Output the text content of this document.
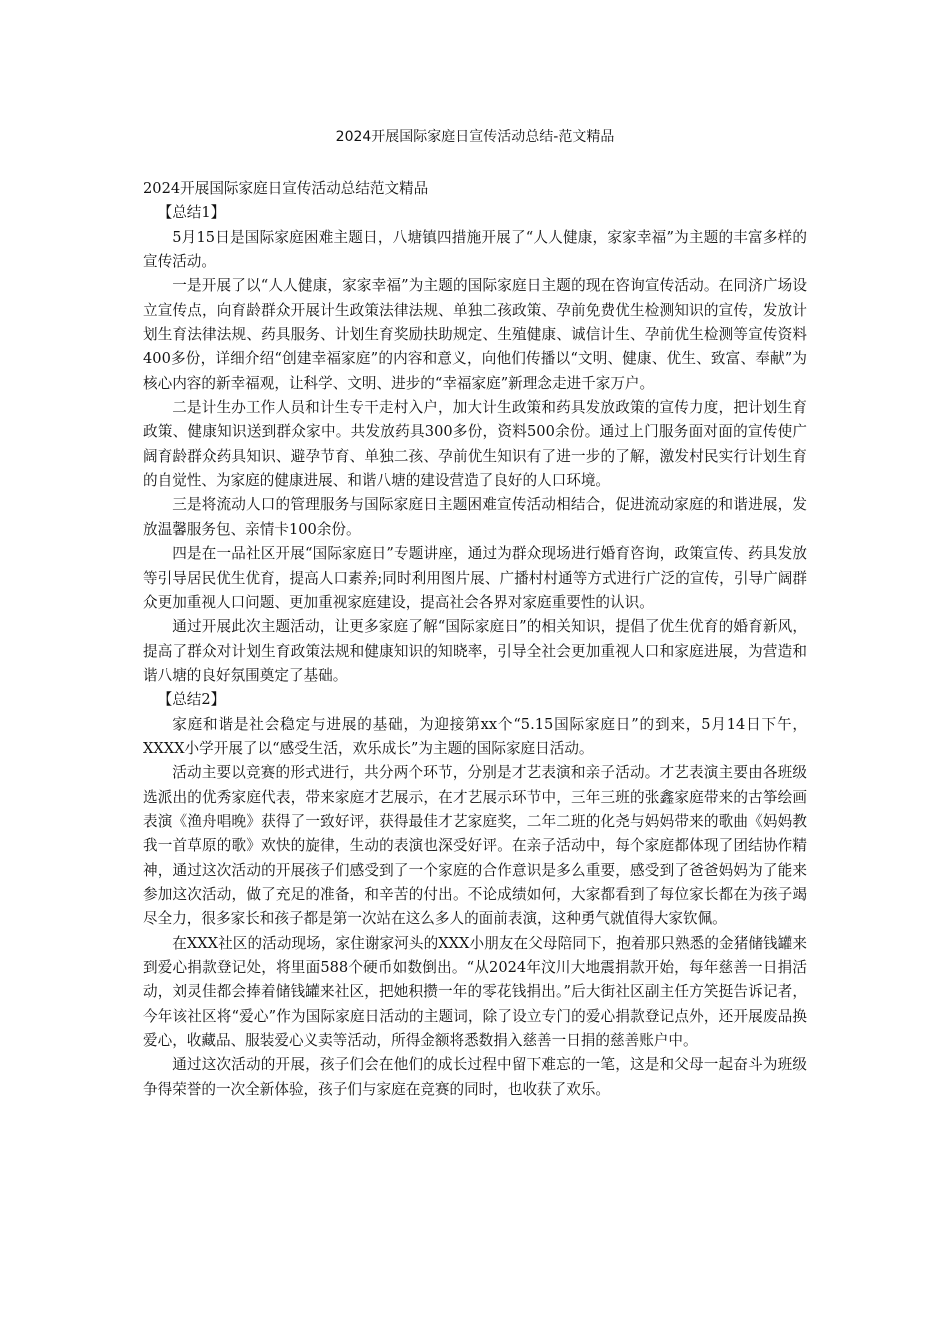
2024开展国际家庭日宣传活动总结-范文精品

2024开展国际家庭日宣传活动总结范文精品

【总结1】

5月15日是国际家庭困难主题日，八塘镇四措施开展了“人人健康，家家幸福”为主题的丰富多样的宣传活动。

一是开展了以“人人健康，家家幸福”为主题的国际家庭日主题的现在咨询宣传活动。在同济广场设立宣传点，向育龄群众开展计生政策法律法规、单独二孩政策、孕前免费优生检测知识的宣传，发放计划生育法律法规、药具服务、计划生育奖励扶助规定、生殖健康、诚信计生、孕前优生检测等宣传资料400多份，详细介绍“创建幸福家庭”的内容和意义，向他们传播以“文明、健康、优生、致富、奉献”为核心内容的新幸福观，让科学、文明、进步的“幸福家庭”新理念走进千家万户。

二是计生办工作人员和计生专干走村入户，加大计生政策和药具发放政策的宣传力度，把计划生育政策、健康知识送到群众家中。共发放药具300多份，资料500余份。通过上门服务面对面的宣传使广阔育龄群众药具知识、避孕节育、单独二孩、孕前优生知识有了进一步的了解，激发村民实行计划生育的自觉性、为家庭的健康进展、和谐八塘的建设营造了良好的人口环境。

三是将流动人口的管理服务与国际家庭日主题困难宣传活动相结合，促进流动家庭的和谐进展，发放温馨服务包、亲情卡100余份。

四是在一品社区开展“国际家庭日”专题讲座，通过为群众现场进行婚育咨询，政策宣传、药具发放等引导居民优生优育，提高人口素养;同时利用图片展、广播村村通等方式进行广泛的宣传，引导广阔群众更加重视人口问题、更加重视家庭建设，提高社会各界对家庭重要性的认识。

通过开展此次主题活动，让更多家庭了解“国际家庭日”的相关知识，提倡了优生优育的婚育新风，提高了群众对计划生育政策法规和健康知识的知晓率，引导全社会更加重视人口和家庭进展，为营造和谐八塘的良好氛围奠定了基础。

【总结2】

家庭和谐是社会稳定与进展的基础，为迎接第xx个“5.15国际家庭日”的到来，5月14日下午，XXXX小学开展了以“感受生活，欢乐成长”为主题的国际家庭日活动。

活动主要以竞赛的形式进行，共分两个环节，分别是才艺表演和亲子活动。才艺表演主要由各班级选派出的优秀家庭代表，带来家庭才艺展示，在才艺展示环节中，三年三班的张鑫家庭带来的古筝绘画表演《渔舟唱晚》获得了一致好评，获得最佳才艺家庭奖，二年二班的化尧与妈妈带来的歌曲《妈妈教我一首草原的歌》欢快的旋律，生动的表演也深受好评。在亲子活动中，每个家庭都体现了团结协作精神，通过这次活动的开展孩子们感受到了一个家庭的合作意识是多么重要，感受到了爸爸妈妈为了能来参加这次活动，做了充足的准备，和辛苦的付出。不论成绩如何，大家都看到了每位家长都在为孩子竭尽全力，很多家长和孩子都是第一次站在这么多人的面前表演，这种勇气就值得大家钦佩。

在XXX社区的活动现场，家住谢家河头的XXX小朋友在父母陪同下，抱着那只熟悉的金猪储钱罐来到爱心捐款登记处，将里面588个硬币如数倒出。“从2024年汶川大地震捐款开始，每年慈善一日捐活动，刘灵佳都会捧着储钱罐来社区，把她积攒一年的零花钱捐出。”后大街社区副主任方笑挺告诉记者，今年该社区将“爱心”作为国际家庭日活动的主题词，除了设立专门的爱心捐款登记点外，还开展废品换爱心，收藏品、服装爱心义卖等活动，所得金额将悉数捐入慈善一日捐的慈善账户中。

通过这次活动的开展，孩子们会在他们的成长过程中留下难忘的一笔，这是和父母一起奋斗为班级争得荣誉的一次全新体验，孩子们与家庭在竞赛的同时，也收获了欢乐。
